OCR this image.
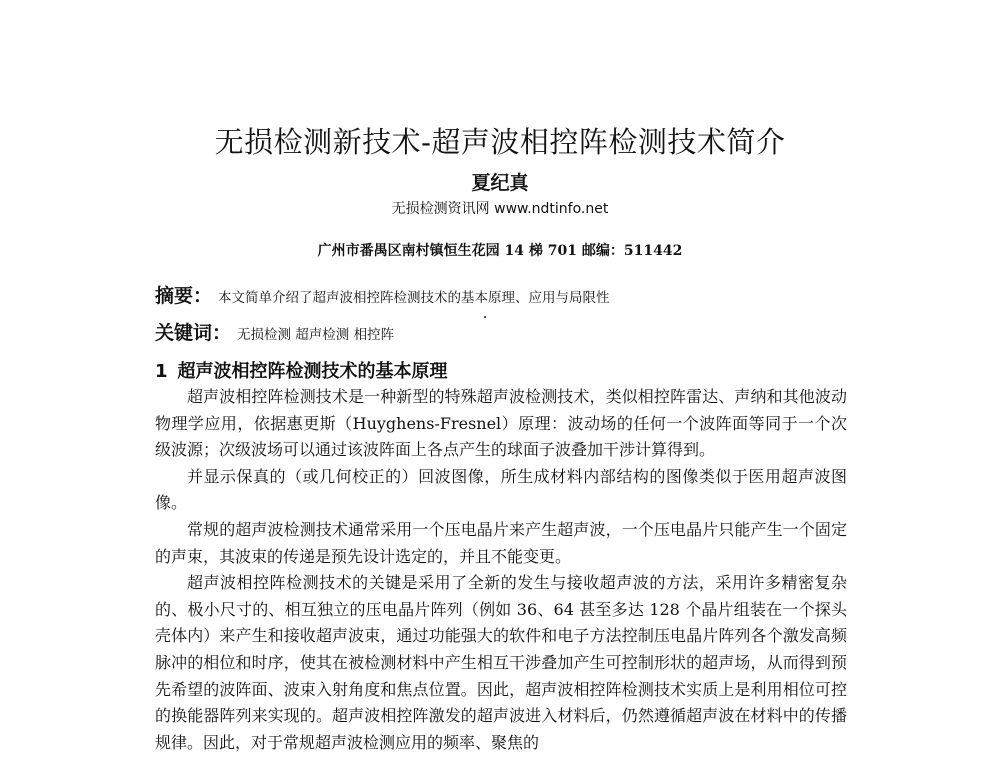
无损检测新技术-超声波相控阵检测技术简介
夏纪真
无损检测资讯网 www.ndtinfo.net
广州市番禺区南村镇恒生花园 14 梯 701 邮编：511442
摘要： 本文简单介绍了超声波相控阵检测技术的基本原理、应用与局限性
关键词： 无损检测 超声检测 相控阵
1 超声波相控阵检测技术的基本原理

超声波相控阵检测技术是一种新型的特殊超声波检测技术，类似相控阵雷达、声纳和其他波动物理学应用，依据惠更斯（Huyghens-Fresnel）原理：波动场的任何一个波阵面等同于一个次级波源；次级波场可以通过该波阵面上各点产生的球面子波叠加干涉计算得到。

并显示保真的（或几何校正的）回波图像，所生成材料内部结构的图像类似于医用超声波图像。

常规的超声波检测技术通常采用一个压电晶片来产生超声波，一个压电晶片只能产生一个固定的声束，其波束的传递是预先设计选定的，并且不能变更。

超声波相控阵检测技术的关键是采用了全新的发生与接收超声波的方法，采用许多精密复杂的、极小尺寸的、相互独立的压电晶片阵列（例如 36、64 甚至多达 128 个晶片组装在一个探头壳体内）来产生和接收超声波束，通过功能强大的软件和电子方法控制压电晶片阵列各个激发高频脉冲的相位和时序，使其在被检测材料中产生相互干涉叠加产生可控制形状的超声场，从而得到预先希望的波阵面、波束入射角度和焦点位置。因此，超声波相控阵检测技术实质上是利用相位可控的换能器阵列来实现的。超声波相控阵激发的超声波进入材料后，仍然遵循超声波在材料中的传播规律。因此，对于常规超声波检测应用的频率、聚焦的
